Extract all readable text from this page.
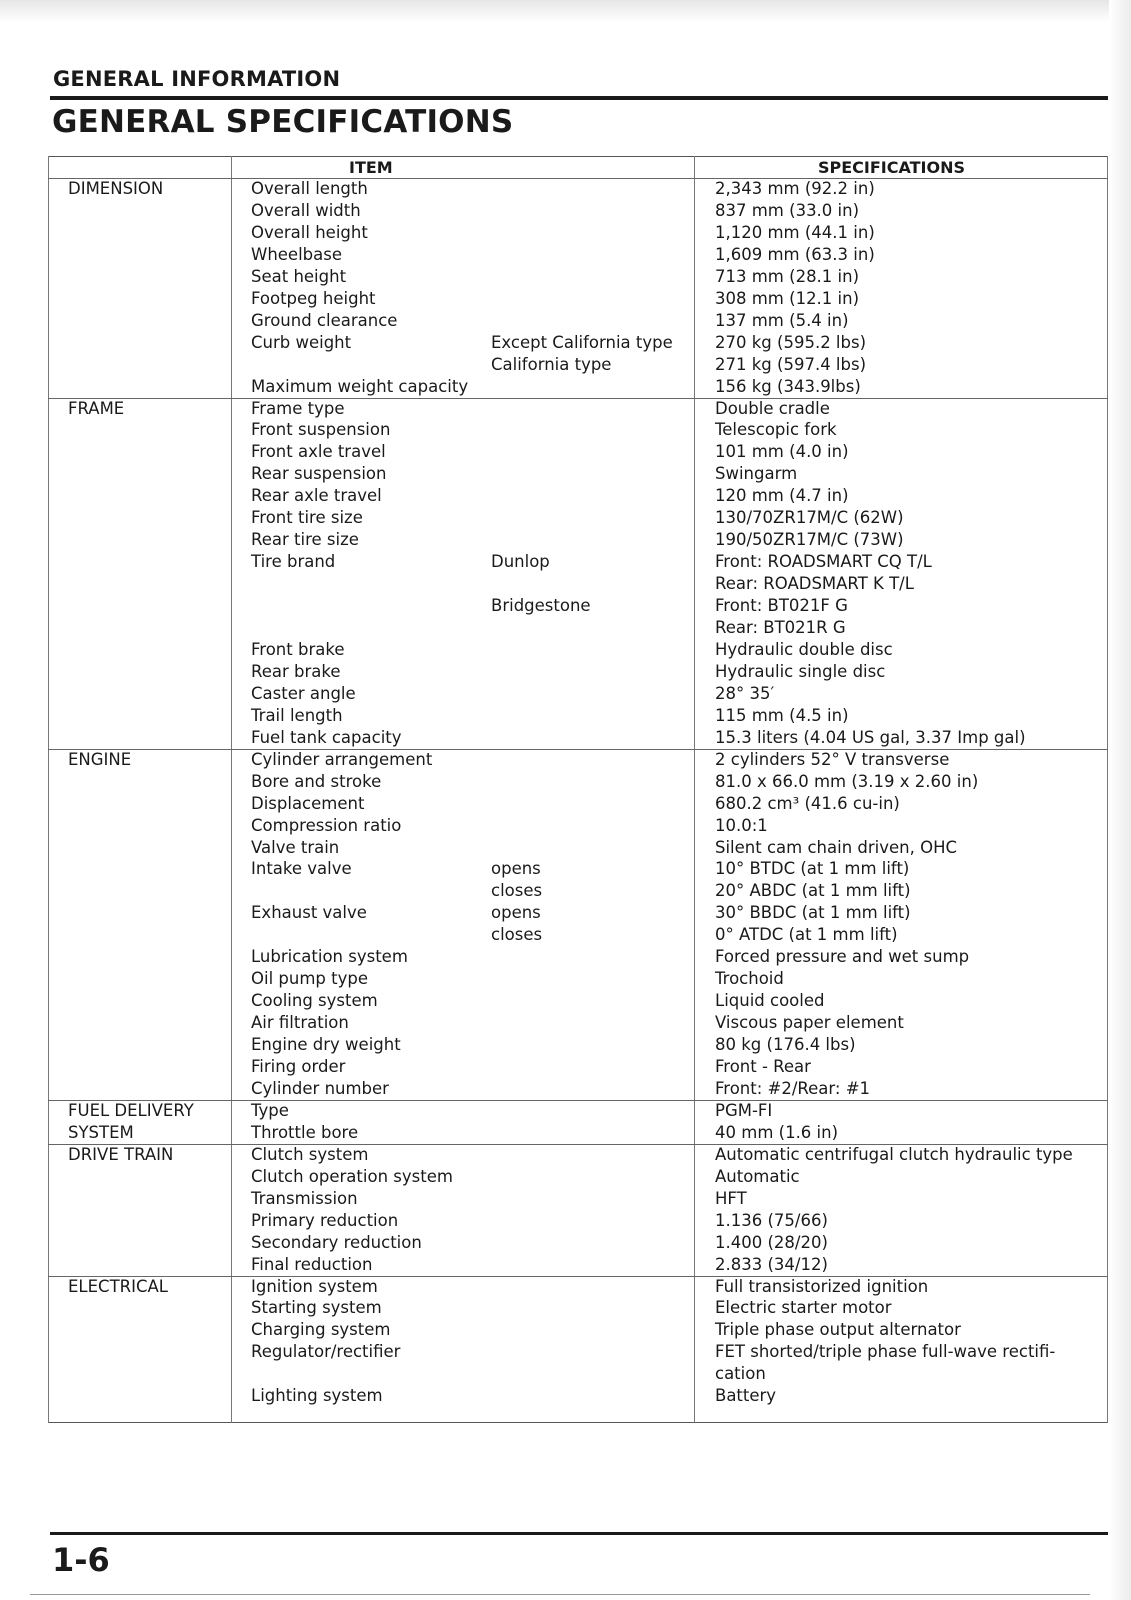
GENERAL INFORMATION
GENERAL SPECIFICATIONS
ITEM	SPECIFICATIONS
DIMENSION	Overall length	2,343 mm (92.2 in)
Overall width	837 mm (33.0 in)
Overall height	1,120 mm (44.1 in)
Wheelbase	1,609 mm (63.3 in)
Seat height	713 mm (28.1 in)
Footpeg height	308 mm (12.1 in)
Ground clearance	137 mm (5.4 in)
Curb weight	Except California type	270 kg (595.2 lbs)
California type	271 kg (597.4 lbs)
Maximum weight capacity	156 kg (343.9lbs)
FRAME	Frame type	Double cradle
Front suspension	Telescopic fork
Front axle travel	101 mm (4.0 in)
Rear suspension	Swingarm
Rear axle travel	120 mm (4.7 in)
Front tire size	130/70ZR17M/C (62W)
Rear tire size	190/50ZR17M/C (73W)
Tire brand	Dunlop	Front: ROADSMART CQ T/L
Rear: ROADSMART K T/L
Bridgestone	Front: BT021F G
Rear: BT021R G
Front brake	Hydraulic double disc
Rear brake	Hydraulic single disc
Caster angle	28° 35′
Trail length	115 mm (4.5 in)
Fuel tank capacity	15.3 liters (4.04 US gal, 3.37 Imp gal)
ENGINE	Cylinder arrangement	2 cylinders 52° V transverse
Bore and stroke	81.0 x 66.0 mm (3.19 x 2.60 in)
Displacement	680.2 cm³ (41.6 cu-in)
Compression ratio	10.0:1
Valve train	Silent cam chain driven, OHC
Intake valve	opens	10° BTDC (at 1 mm lift)
closes	20° ABDC (at 1 mm lift)
Exhaust valve	opens	30° BBDC (at 1 mm lift)
closes	0° ATDC (at 1 mm lift)
Lubrication system	Forced pressure and wet sump
Oil pump type	Trochoid
Cooling system	Liquid cooled
Air filtration	Viscous paper element
Engine dry weight	80 kg (176.4 lbs)
Firing order	Front - Rear
Cylinder number	Front: #2/Rear: #1
FUEL DELIVERY	Type	PGM-FI
SYSTEM	Throttle bore	40 mm (1.6 in)
DRIVE TRAIN	Clutch system	Automatic centrifugal clutch hydraulic type
Clutch operation system	Automatic
Transmission	HFT
Primary reduction	1.136 (75/66)
Secondary reduction	1.400 (28/20)
Final reduction	2.833 (34/12)
ELECTRICAL	Ignition system	Full transistorized ignition
Starting system	Electric starter motor
Charging system	Triple phase output alternator
Regulator/rectifier	FET shorted/triple phase full-wave rectifi-
cation
Lighting system	Battery
1-6
